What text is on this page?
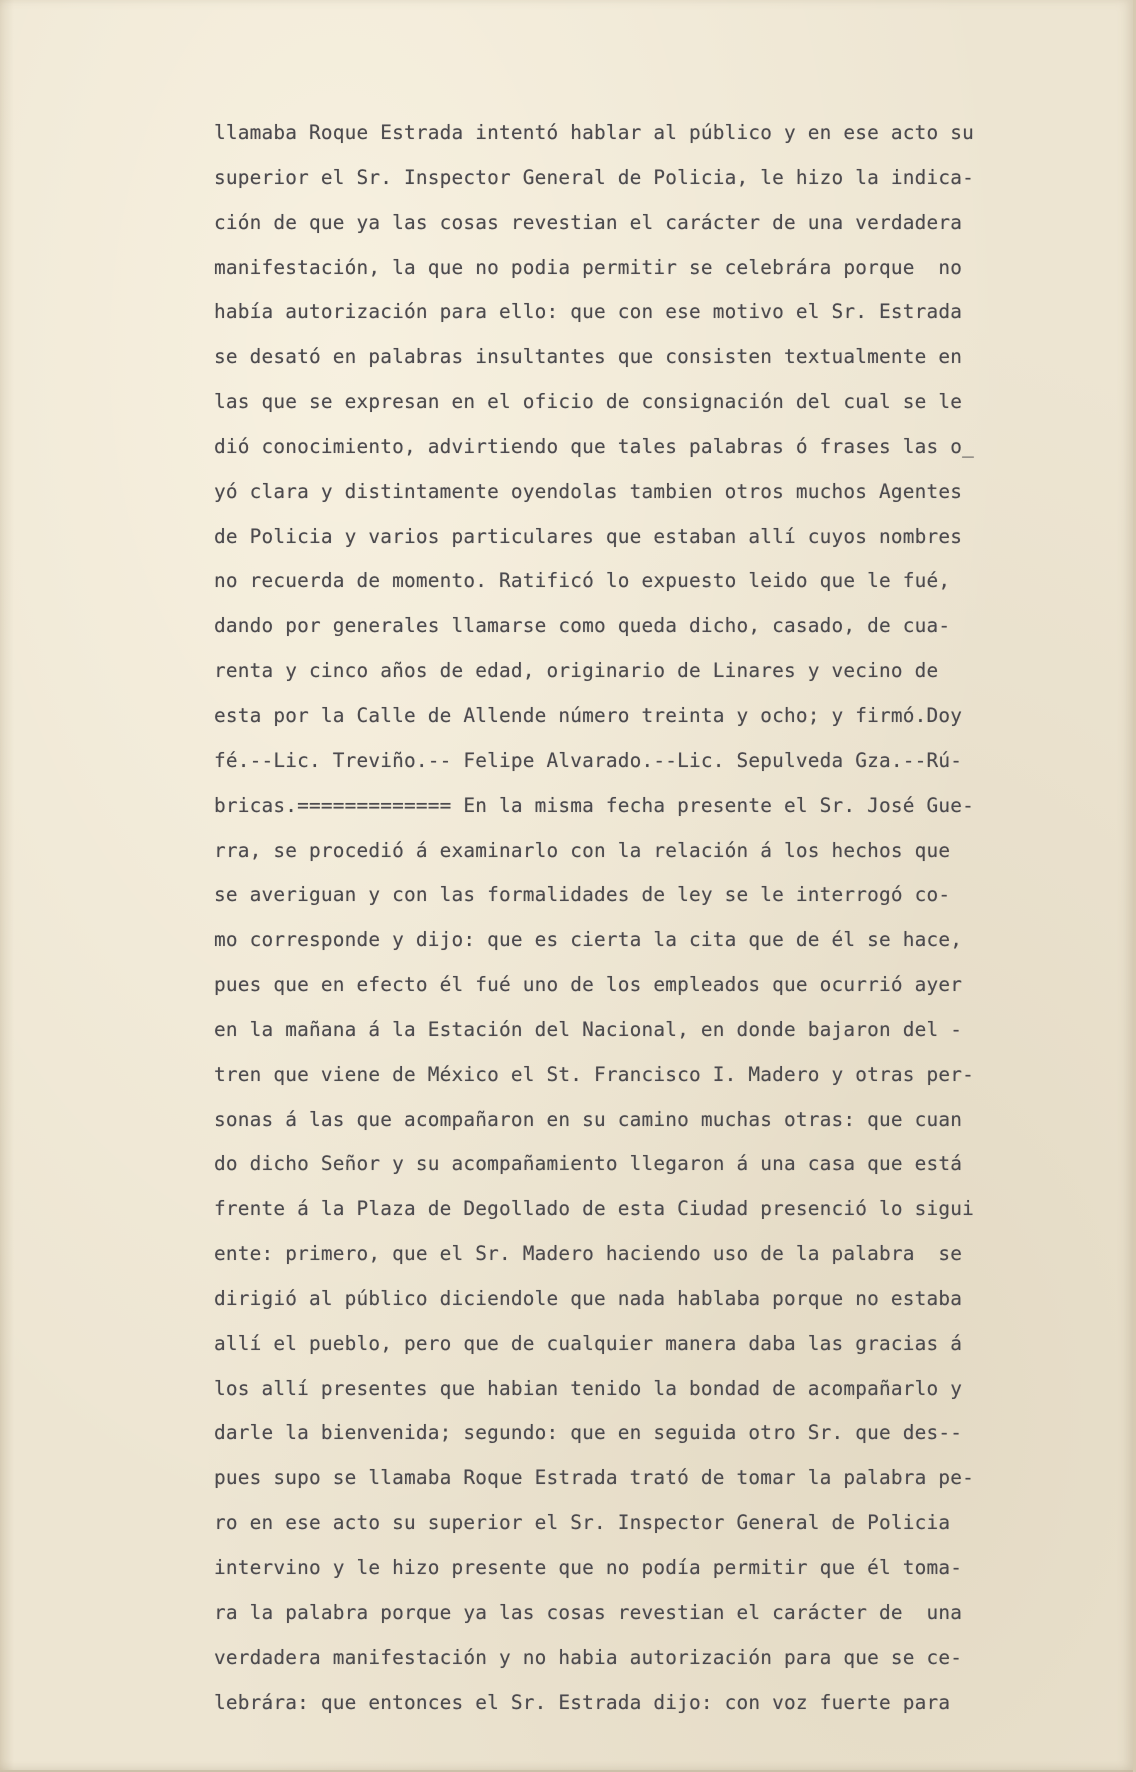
llamaba Roque Estrada intentó hablar al público y en ese acto su
superior el Sr. Inspector General de Policia, le hizo la indica-
ción de que ya las cosas revestian el carácter de una verdadera
manifestación, la que no podia permitir se celebrára porque  no
había autorización para ello: que con ese motivo el Sr. Estrada
se desató en palabras insultantes que consisten textualmente en
las que se expresan en el oficio de consignación del cual se le
dió conocimiento, advirtiendo que tales palabras ó frases las o_
yó clara y distintamente oyendolas tambien otros muchos Agentes
de Policia y varios particulares que estaban allí cuyos nombres
no recuerda de momento. Ratificó lo expuesto leido que le fué,
dando por generales llamarse como queda dicho, casado, de cua-
renta y cinco años de edad, originario de Linares y vecino de
esta por la Calle de Allende número treinta y ocho; y firmó.Doy
fé.--Lic. Treviño.-- Felipe Alvarado.--Lic. Sepulveda Gza.--Rú-
bricas.============= En la misma fecha presente el Sr. José Gue-
rra, se procedió á examinarlo con la relación á los hechos que
se averiguan y con las formalidades de ley se le interrogó co-
mo corresponde y dijo: que es cierta la cita que de él se hace,
pues que en efecto él fué uno de los empleados que ocurrió ayer
en la mañana á la Estación del Nacional, en donde bajaron del -
tren que viene de México el St. Francisco I. Madero y otras per-
sonas á las que acompañaron en su camino muchas otras: que cuan
do dicho Señor y su acompañamiento llegaron á una casa que está
frente á la Plaza de Degollado de esta Ciudad presenció lo sigui
ente: primero, que el Sr. Madero haciendo uso de la palabra  se
dirigió al público diciendole que nada hablaba porque no estaba
allí el pueblo, pero que de cualquier manera daba las gracias á
los allí presentes que habian tenido la bondad de acompañarlo y
darle la bienvenida; segundo: que en seguida otro Sr. que des--
pues supo se llamaba Roque Estrada trató de tomar la palabra pe-
ro en ese acto su superior el Sr. Inspector General de Policia
intervino y le hizo presente que no podía permitir que él toma-
ra la palabra porque ya las cosas revestian el carácter de  una
verdadera manifestación y no habia autorización para que se ce-
lebrára: que entonces el Sr. Estrada dijo: con voz fuerte para
